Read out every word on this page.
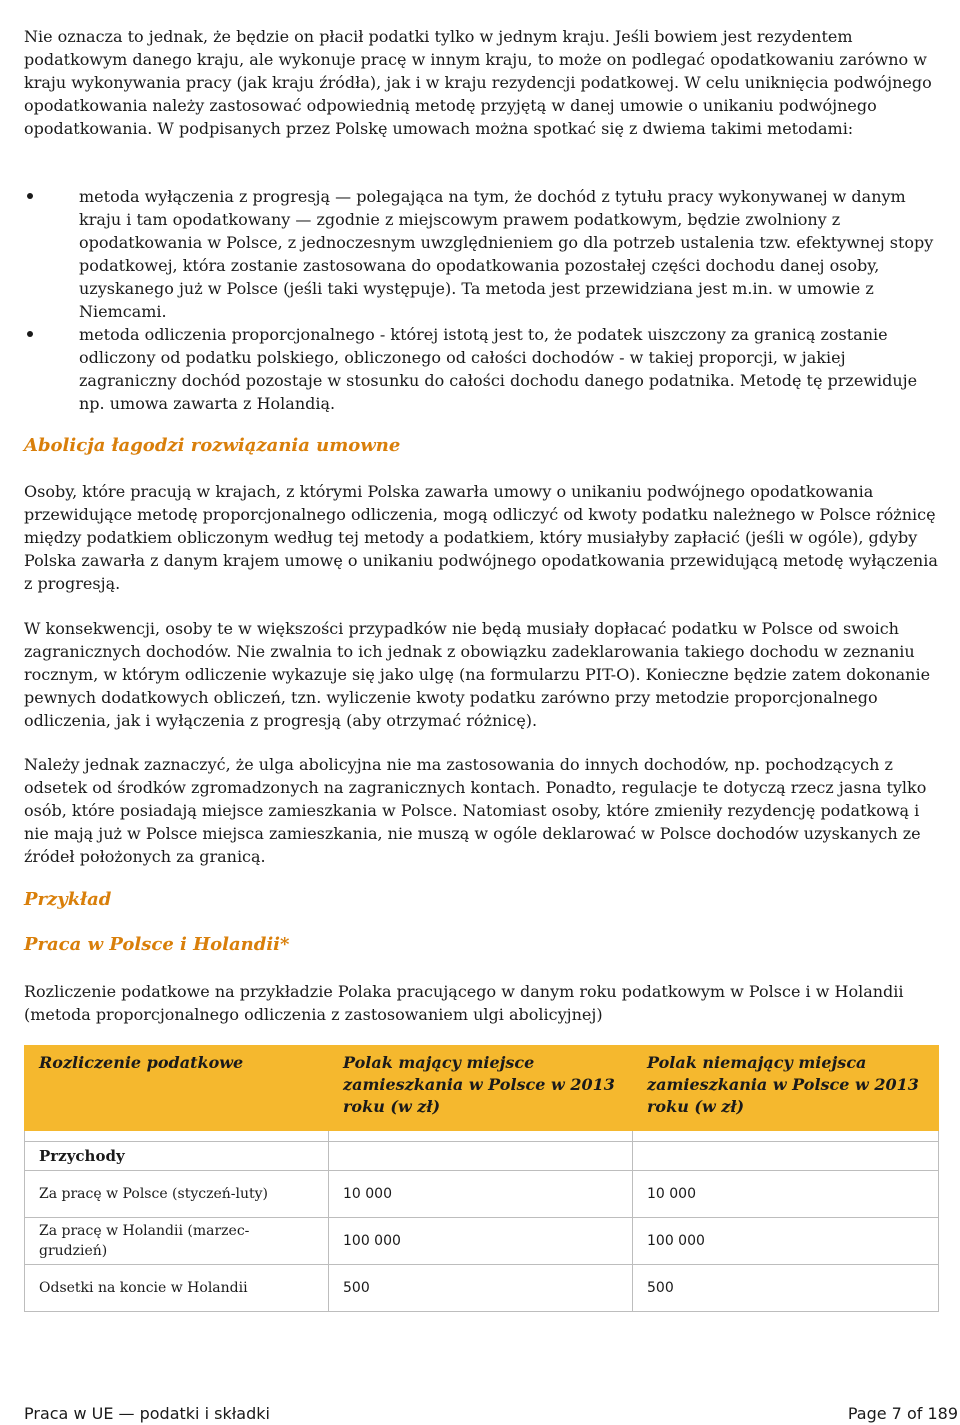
Nie oznacza to jednak, że będzie on płacił podatki tylko w jednym kraju. Jeśli bowiem jest rezydentem podatkowym danego kraju, ale wykonuje pracę w innym kraju, to może on podlegać opodatkowaniu zarówno w kraju wykonywania pracy (jak kraju źródła), jak i w kraju rezydencji podatkowej. W celu uniknięcia podwójnego opodatkowania należy zastosować odpowiednią metodę przyjętą w danej umowie o unikaniu podwójnego opodatkowania. W podpisanych przez Polskę umowach można spotkać się z dwiema takimi metodami:

metoda wyłączenia z progresją — polegająca na tym, że dochód z tytułu pracy wykonywanej w danym kraju i tam opodatkowany — zgodnie z miejscowym prawem podatkowym, będzie zwolniony z opodatkowania w Polsce, z jednoczesnym uwzględnieniem go dla potrzeb ustalenia tzw. efektywnej stopy podatkowej, która zostanie zastosowana do opodatkowania pozostałej części dochodu danej osoby, uzyskanego już w Polsce (jeśli taki występuje). Ta metoda jest przewidziana jest m.in. w umowie z Niemcami.
metoda odliczenia proporcjonalnego - której istotą jest to, że podatek uiszczony za granicą zostanie odliczony od podatku polskiego, obliczonego od całości dochodów - w takiej proporcji, w jakiej zagraniczny dochód pozostaje w stosunku do całości dochodu danego podatnika. Metodę tę przewiduje np. umowa zawarta z Holandią.
Abolicja łagodzi rozwiązania umowne

Osoby, które pracują w krajach, z którymi Polska zawarła umowy o unikaniu podwójnego opodatkowania przewidujące metodę proporcjonalnego odliczenia, mogą odliczyć od kwoty podatku należnego w Polsce różnicę między podatkiem obliczonym według tej metody a podatkiem, który musiałyby zapłacić (jeśli w ogóle), gdyby Polska zawarła z danym krajem umowę o unikaniu podwójnego opodatkowania przewidującą metodę wyłączenia z progresją.

W konsekwencji, osoby te w większości przypadków nie będą musiały dopłacać podatku w Polsce od swoich zagranicznych dochodów. Nie zwalnia to ich jednak z obowiązku zadeklarowania takiego dochodu w zeznaniu rocznym, w którym odliczenie wykazuje się jako ulgę (na formularzu PIT-O). Konieczne będzie zatem dokonanie pewnych dodatkowych obliczeń, tzn. wyliczenie kwoty podatku zarówno przy metodzie proporcjonalnego odliczenia, jak i wyłączenia z progresją (aby otrzymać różnicę).

Należy jednak zaznaczyć, że ulga abolicyjna nie ma zastosowania do innych dochodów, np. pochodzących z odsetek od środków zgromadzonych na zagranicznych kontach. Ponadto, regulacje te dotyczą rzecz jasna tylko osób, które posiadają miejsce zamieszkania w Polsce. Natomiast osoby, które zmieniły rezydencję podatkową i nie mają już w Polsce miejsca zamieszkania, nie muszą w ogóle deklarować w Polsce dochodów uzyskanych ze źródeł położonych za granicą.

Przykład
Praca w Polsce i Holandii*

Rozliczenie podatkowe na przykładzie Polaka pracującego w danym roku podatkowym w Polsce i w Holandii (metoda proporcjonalnego odliczenia z zastosowaniem ulgi abolicyjnej)

Rozliczenie podatkowe	Polak mający miejsce zamieszkania w Polsce w 2013 roku (w zł)	Polak niemający miejsca zamieszkania w Polsce w 2013 roku (w zł)

Przychody		
Za pracę w Polsce (styczeń-luty)	10 000	10 000
Za pracę w Holandii (marzec-grudzień)	100 000	100 000
Odsetki na koncie w Holandii	500	500
Praca w UE — podatki i składki	Page 7 of 189
